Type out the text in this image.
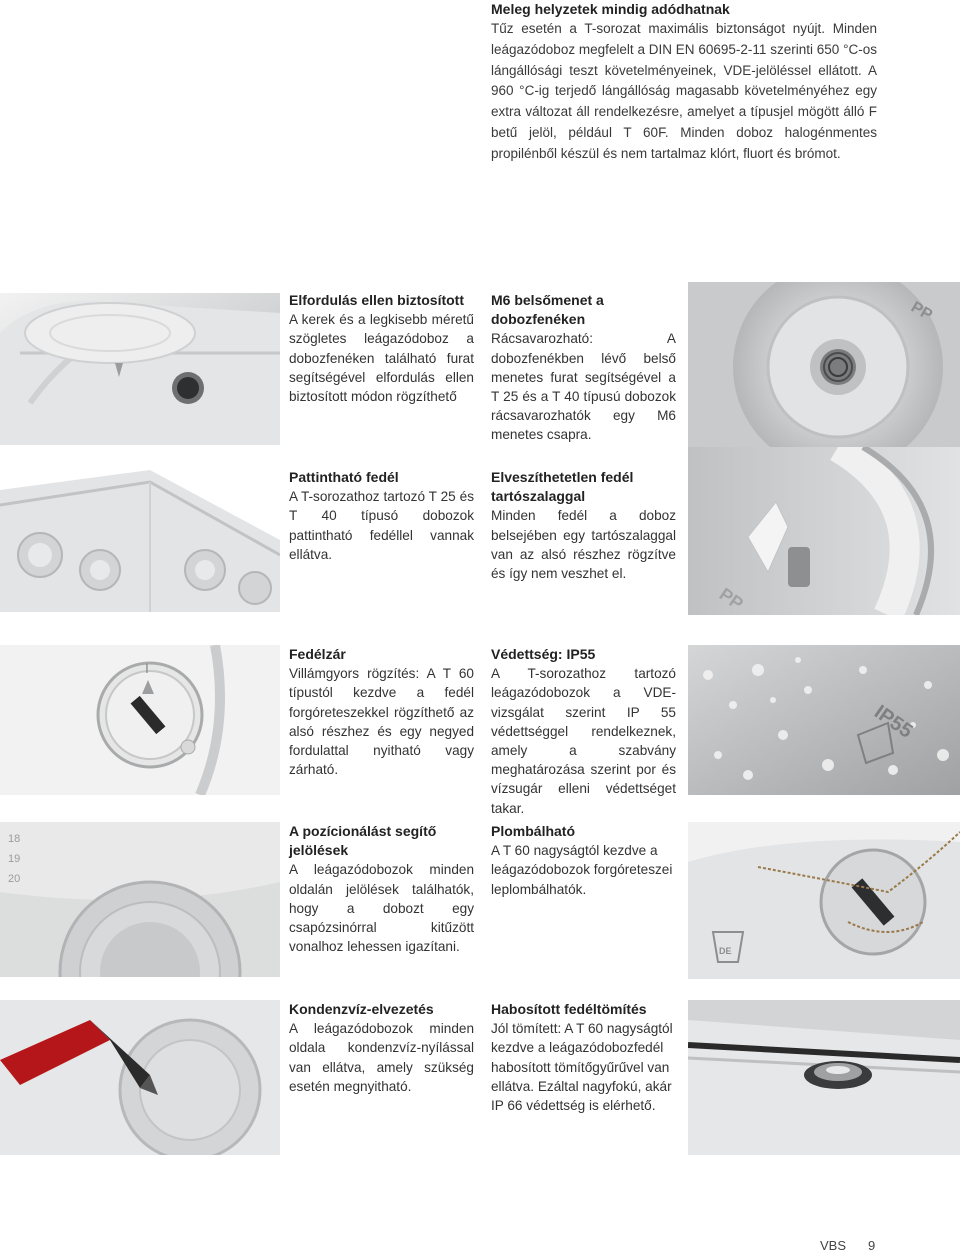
Meleg helyzetek mindig adódhatnak

Tűz esetén a T-sorozat maximális biztonságot nyújt. Minden leágazódoboz megfelelt a DIN EN 60695-2-11 szerinti 650 °C-os lángállósági teszt követelményeinek, VDE-jelöléssel ellátott. A 960 °C-ig terjedő lángállóság magasabb követelményéhez egy extra változat áll rendelkezésre, amelyet a típusjel mögött álló F betű jelöl, például T 60F. Minden doboz halogénmentes propilénből készül és nem tartalmaz klórt, fluort és brómot.

Elfordulás ellen biztosított

A kerek és a legkisebb méretű szögletes leágazódoboz a dobozfenéken található furat segítségével elfordulás ellen biztosított módon rögzíthető

M6 belsőmenet a dobozfenéken

Rácsavarozható: A dobozfenékben lévő belső menetes furat segítségével a T 25 és a T 40 típusú dobozok rácsavarozhatók egy M6 menetes csapra.

PP
Pattintható fedél

A T-sorozathoz tartozó T 25 és T 40 típusó dobozok pattintható fedéllel vannak ellátva.

Elveszíthetetlen fedél tartószalaggal

Minden fedél a doboz belsejében egy tartószalaggal van az alsó részhez rögzítve és így nem veszhet el.

PP
I
Fedélzár

Villámgyors rögzítés: A T 60 típustól kezdve a fedél forgóreteszekkel rögzíthető az alsó részhez és egy negyed fordulattal nyitható vagy zárható.

Védettség: IP55

A T-sorozathoz tartozó leágazódobozok a VDE-vizsgálat szerint IP 55 védettséggel rendelkeznek, amely a szabvány meghatározása szerint por és vízsugár elleni védettséget takar.

IP55
18
19
20
A pozícionálást segítő jelölések

A leágazódobozok minden oldalán jelölések találhatók, hogy a dobozt egy csapózsinórral kitűzött vonalhoz lehessen igazítani.

Plombálható

A T 60 nagyságtól kezdve a leágazódobozok forgóreteszei leplombálhatók.

DE
Kondenzvíz-elvezetés

A leágazódobozok minden oldala kondenzvíz-nyílással van ellátva, amely szükség esetén megnyitható.

Habosított fedéltömítés

Jól tömített: A T 60 nagyságtól kezdve a leágazódobozfedél habosított tömítőgyűrűvel van ellátva. Ezáltal nagyfokú, akár IP 66 védettség is elérhető.

VBS 9
